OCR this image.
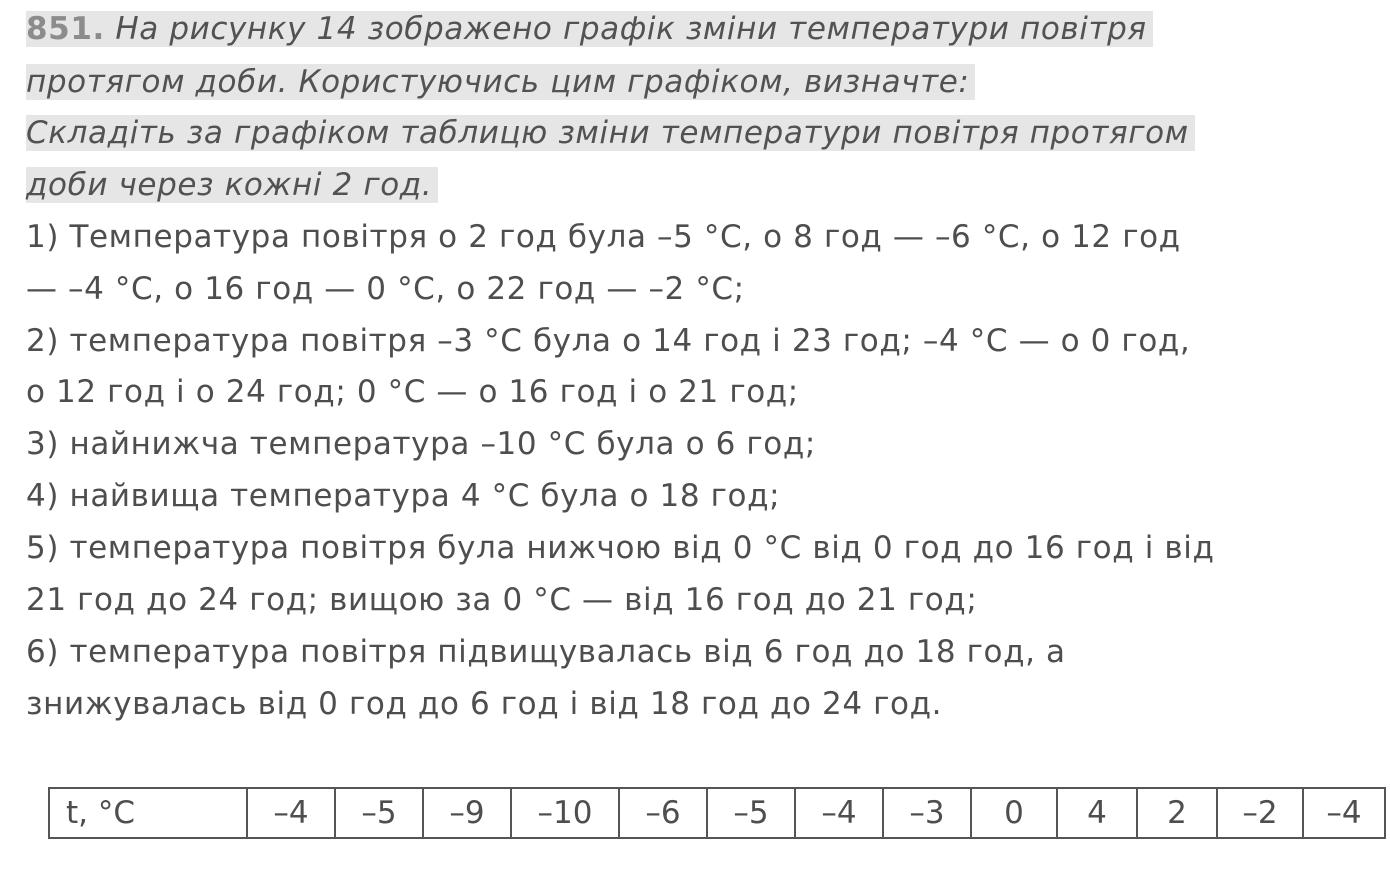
851. На рисунку 14 зображено графік зміни температури повітря
протягом доби. Користуючись цим графіком, визначте:
Складіть за графіком таблицю зміни температури повітря протягом
доби через кожні 2 год.
1) Температура повітря о 2 год була –5 °С, о 8 год — –6 °С, о 12 год
— –4 °С, о 16 год — 0 °С, о 22 год — –2 °С;
2) температура повітря –3 °С була о 14 год і 23 год; –4 °С — о 0 год,
о 12 год і о 24 год; 0 °С — о 16 год і о 21 год;
3) найнижча температура –10 °С була о 6 год;
4) найвища температура 4 °С була о 18 год;
5) температура повітря була нижчою від 0 °С від 0 год до 16 год і від
21 год до 24 год; вищою за 0 °С — від 16 год до 21 год;
6) температура повітря підвищувалась від 6 год до 18 год, а
знижувалась від 0 год до 6 год і від 18 год до 24 год.
t, °С	–4	–5	–9	–10	–6	–5	–4	–3	0	4	2	–2	–4
